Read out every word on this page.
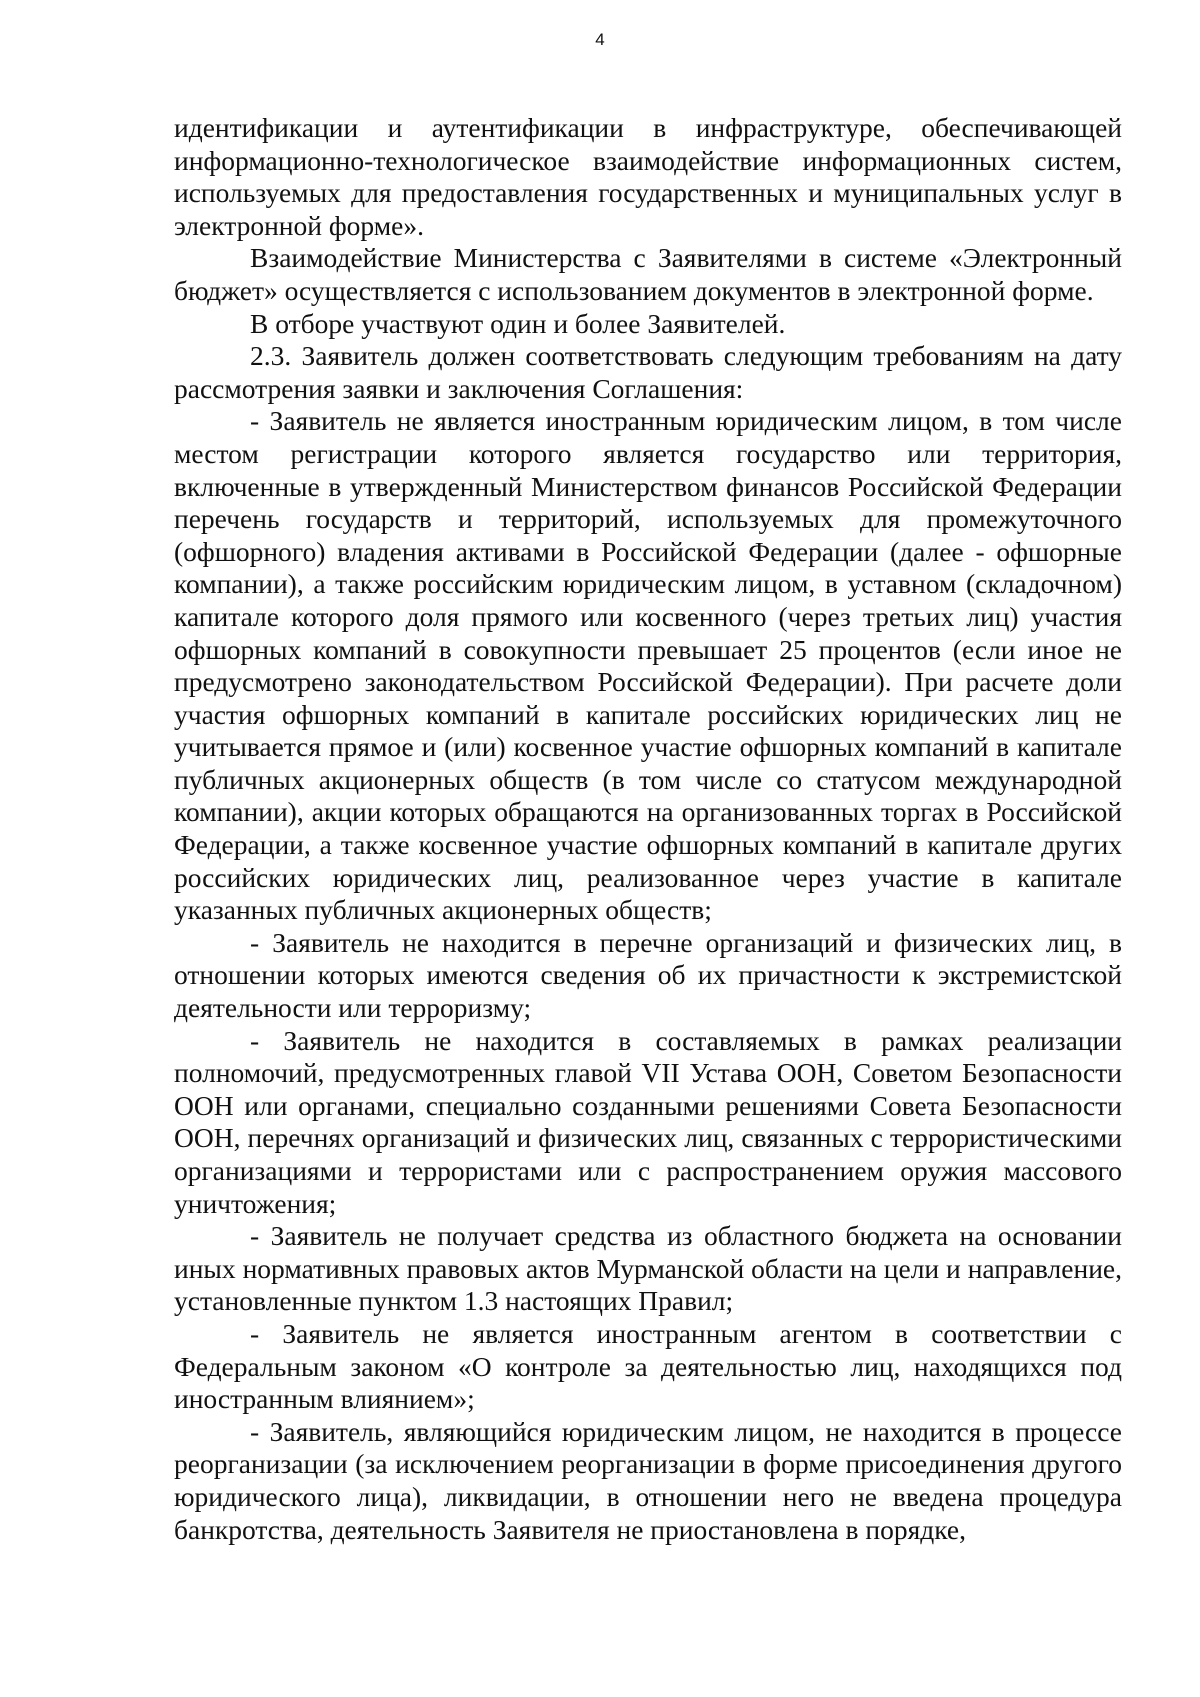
4

идентификации и аутентификации в инфраструктуре, обеспечивающей информационно-технологическое взаимодействие информационных систем, используемых для предоставления государственных и муниципальных услуг в электронной форме».

Взаимодействие Министерства с Заявителями в системе «Электронный бюджет» осуществляется с использованием документов в электронной форме.

В отборе участвуют один и более Заявителей.

2.3. Заявитель должен соответствовать следующим требованиям на дату рассмотрения заявки и заключения Соглашения:

- Заявитель не является иностранным юридическим лицом, в том числе местом регистрации которого является государство или территория, включенные в утвержденный Министерством финансов Российской Федерации перечень государств и территорий, используемых для промежуточного (офшорного) владения активами в Российской Федерации (далее - офшорные компании), а также российским юридическим лицом, в уставном (складочном) капитале которого доля прямого или косвенного (через третьих лиц) участия офшорных компаний в совокупности превышает 25 процентов (если иное не предусмотрено законодательством Российской Федерации). При расчете доли участия офшорных компаний в капитале российских юридических лиц не учитывается прямое и (или) косвенное участие офшорных компаний в капитале публичных акционерных обществ (в том числе со статусом международной компании), акции которых обращаются на организованных торгах в Российской Федерации, а также косвенное участие офшорных компаний в капитале других российских юридических лиц, реализованное через участие в капитале указанных публичных акционерных обществ;

- Заявитель не находится в перечне организаций и физических лиц, в отношении которых имеются сведения об их причастности к экстремистской деятельности или терроризму;

- Заявитель не находится в составляемых в рамках реализации полномочий, предусмотренных главой VII Устава ООН, Советом Безопасности ООН или органами, специально созданными решениями Совета Безопасности ООН, перечнях организаций и физических лиц, связанных с террористическими организациями и террористами или с распространением оружия массового уничтожения;

- Заявитель не получает средства из областного бюджета на основании иных нормативных правовых актов Мурманской области на цели и направление, установленные пунктом 1.3 настоящих Правил;

- Заявитель не является иностранным агентом в соответствии с Федеральным законом «О контроле за деятельностью лиц, находящихся под иностранным влиянием»;

- Заявитель, являющийся юридическим лицом, не находится в процессе реорганизации (за исключением реорганизации в форме присоединения другого юридического лица), ликвидации, в отношении него не введена процедура банкротства, деятельность Заявителя не приостановлена в порядке,
